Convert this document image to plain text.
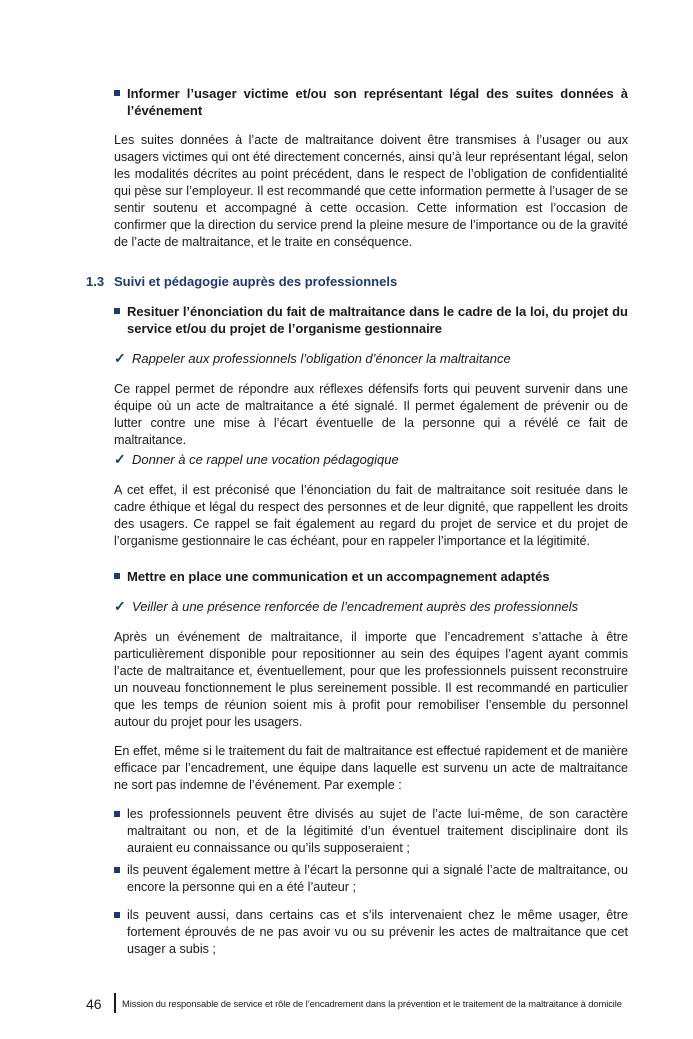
Informer l’usager victime et/ou son représentant légal des suites données à l’événement
Les suites données à l’acte de maltraitance doivent être transmises à l’usager ou aux usagers victimes qui ont été directement concernés, ainsi qu’à leur représentant légal, selon les modalités décrites au point précédent, dans le respect de l’obligation de confidentialité qui pèse sur l’employeur. Il est recommandé que cette information permette à l’usager de se sentir soutenu et accompagné à cette occasion. Cette information est l’occasion de confirmer que la direction du service prend la pleine mesure de l’importance ou de la gravité de l’acte de maltraitance, et le traite en conséquence.
1.3 Suivi et pédagogie auprès des professionnels
Resituer l’énonciation du fait de maltraitance dans le cadre de la loi, du projet du service et/ou du projet de l’organisme gestionnaire
✓ Rappeler aux professionnels l’obligation d’énoncer la maltraitance
Ce rappel permet de répondre aux réflexes défensifs forts qui peuvent survenir dans une équipe où un acte de maltraitance a été signalé. Il permet également de prévenir ou de lutter contre une mise à l’écart éventuelle de la personne qui a révélé ce fait de maltraitance.
✓ Donner à ce rappel une vocation pédagogique
A cet effet, il est préconisé que l’énonciation du fait de maltraitance soit resituée dans le cadre éthique et légal du respect des personnes et de leur dignité, que rappellent les droits des usagers. Ce rappel se fait également au regard du projet de service et du projet de l’organisme gestionnaire le cas échéant, pour en rappeler l’importance et la légitimité.
Mettre en place une communication et un accompagnement adaptés
✓ Veiller à une présence renforcée de l’encadrement auprès des professionnels
Après un événement de maltraitance, il importe que l’encadrement s’attache à être particulièrement disponible pour repositionner au sein des équipes l’agent ayant commis l’acte de maltraitance et, éventuellement, pour que les professionnels puissent reconstruire un nouveau fonctionnement le plus sereinement possible. Il est recommandé en particulier que les temps de réunion soient mis à profit pour remobiliser l’ensemble du personnel autour du projet pour les usagers.
En effet, même si le traitement du fait de maltraitance est effectué rapidement et de manière efficace par l’encadrement, une équipe dans laquelle est survenu un acte de maltraitance ne sort pas indemne de l’événement. Par exemple :
les professionnels peuvent être divisés au sujet de l’acte lui-même, de son caractère maltraitant ou non, et de la légitimité d’un éventuel traitement disciplinaire dont ils auraient eu connaissance ou qu’ils supposeraient ;
ils peuvent également mettre à l’écart la personne qui a signalé l’acte de maltraitance, ou encore la personne qui en a été l’auteur ;
ils peuvent aussi, dans certains cas et s’ils intervenaient chez le même usager, être fortement éprouvés de ne pas avoir vu ou su prévenir les actes de maltraitance que cet usager a subis ;
46 Mission du responsable de service et rôle de l’encadrement dans la prévention et le traitement de la maltraitance à domicile
